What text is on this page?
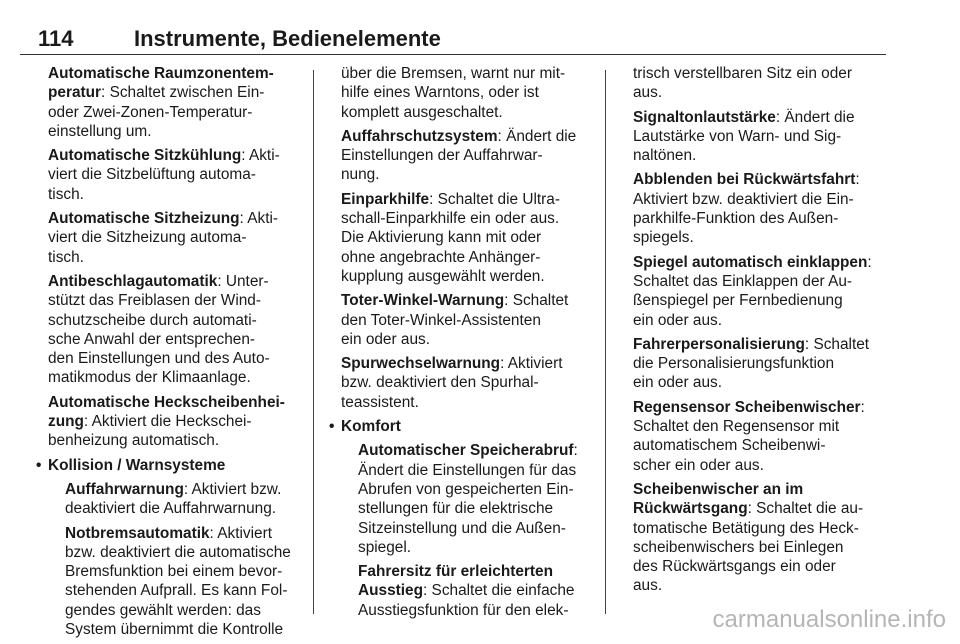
114	Instrumente, Bedienelemente

Automatische Raumzonentem-
peratur: Schaltet zwischen Ein-
oder Zwei-Zonen-Temperatur-
einstellung um.

Automatische Sitzkühlung: Akti-
viert die Sitzbelüftung automa-
tisch.

Automatische Sitzheizung: Akti-
viert die Sitzheizung automa-
tisch.

Antibeschlagautomatik: Unter-
stützt das Freiblasen der Wind-
schutzscheibe durch automati-
sche Anwahl der entsprechen-
den Einstellungen und des Auto-
matikmodus der Klimaanlage.

Automatische Heckscheibenhei-
zung: Aktiviert die Heckschei-
benheizung automatisch.

• Kollision / Warnsysteme

Auffahrwarnung: Aktiviert bzw.
deaktiviert die Auffahrwarnung.

Notbremsautomatik: Aktiviert
bzw. deaktiviert die automatische
Bremsfunktion bei einem bevor-
stehenden Aufprall. Es kann Fol-
gendes gewählt werden: das
System übernimmt die Kontrolle

über die Bremsen, warnt nur mit-
hilfe eines Warntons, oder ist
komplett ausgeschaltet.

Auffahrschutzsystem: Ändert die
Einstellungen der Auffahrwar-
nung.

Einparkhilfe: Schaltet die Ultra-
schall-Einparkhilfe ein oder aus.
Die Aktivierung kann mit oder
ohne angebrachte Anhänger-
kupplung ausgewählt werden.

Toter-Winkel-Warnung: Schaltet
den Toter-Winkel-Assistenten
ein oder aus.

Spurwechselwarnung: Aktiviert
bzw. deaktiviert den Spurhal-
teassistent.

• Komfort

Automatischer Speicherabruf:
Ändert die Einstellungen für das
Abrufen von gespeicherten Ein-
stellungen für die elektrische
Sitzeinstellung und die Außen-
spiegel.

Fahrersitz für erleichterten
Ausstieg: Schaltet die einfache
Ausstiegsfunktion für den elek-

trisch verstellbaren Sitz ein oder
aus.

Signaltonlautstärke: Ändert die
Lautstärke von Warn- und Sig-
naltönen.

Abblenden bei Rückwärtsfahrt:
Aktiviert bzw. deaktiviert die Ein-
parkhilfe-Funktion des Außen-
spiegels.

Spiegel automatisch einklappen:
Schaltet das Einklappen der Au-
ßenspiegel per Fernbedienung
ein oder aus.

Fahrerpersonalisierung: Schaltet
die Personalisierungsfunktion
ein oder aus.

Regensensor Scheibenwischer:
Schaltet den Regensensor mit
automatischem Scheibenwi-
scher ein oder aus.

Scheibenwischer an im
Rückwärtsgang: Schaltet die au-
tomatische Betätigung des Heck-
scheibenwischers bei Einlegen
des Rückwärtsgangs ein oder
aus.

carmanualsonline.info
